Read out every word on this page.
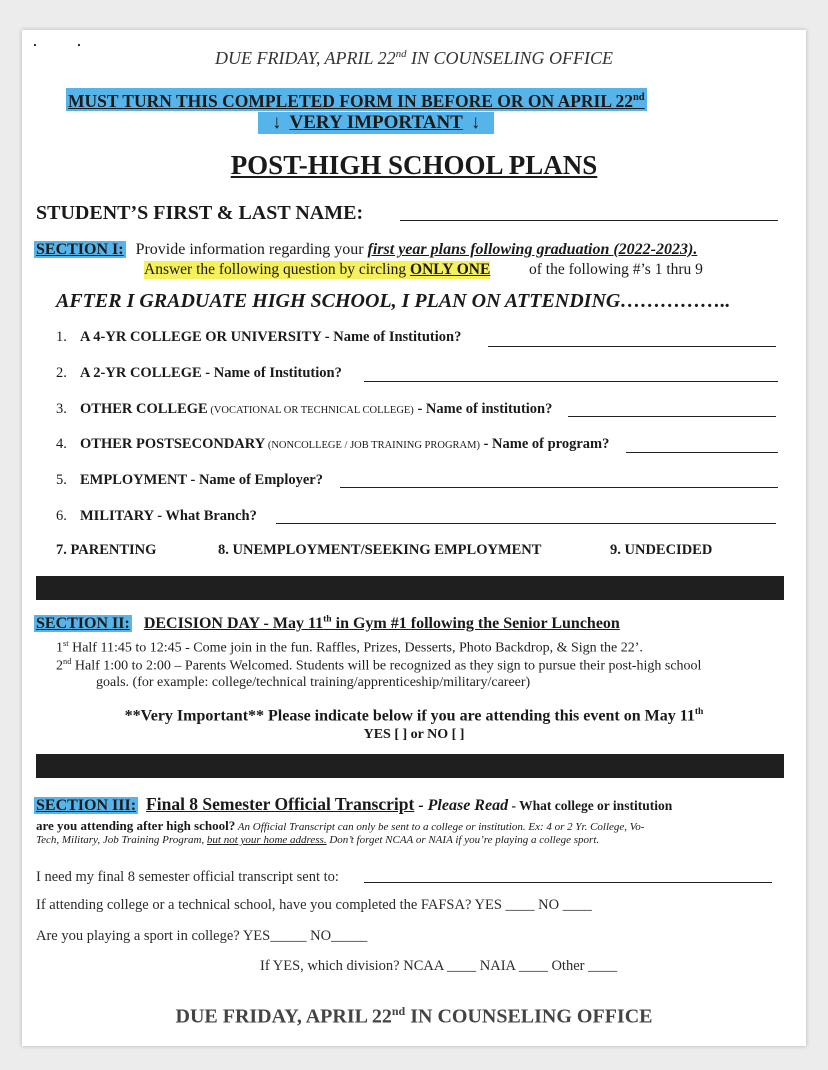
DUE FRIDAY, APRIL 22nd IN COUNSELING OFFICE
MUST TURN THIS COMPLETED FORM IN BEFORE OR ON APRIL 22nd
↓ VERY IMPORTANT ↓
POST-HIGH SCHOOL PLANS
STUDENT’S FIRST & LAST NAME:
SECTION I: Provide information regarding your first year plans following graduation (2022-2023).
Answer the following question by circling ONLY ONE of the following #’s 1 thru 9
AFTER I GRADUATE HIGH SCHOOL, I PLAN ON ATTENDING……………..
1. A 4-YR COLLEGE OR UNIVERSITY - Name of Institution?
2. A 2-YR COLLEGE - Name of Institution?
3. OTHER COLLEGE (VOCATIONAL OR TECHNICAL COLLEGE) - Name of institution?
4. OTHER POSTSECONDARY (NONCOLLEGE / JOB TRAINING PROGRAM) - Name of program?
5. EMPLOYMENT - Name of Employer?
6. MILITARY - What Branch?
7. PARENTING	8. UNEMPLOYMENT/SEEKING EMPLOYMENT	9. UNDECIDED
SECTION II: DECISION DAY - May 11th in Gym #1 following the Senior Luncheon
1st Half 11:45 to 12:45 - Come join in the fun. Raffles, Prizes, Desserts, Photo Backdrop, & Sign the 22’.
2nd Half 1:00 to 2:00 – Parents Welcomed. Students will be recognized as they sign to pursue their post-high school
goals. (for example: college/technical training/apprenticeship/military/career)
**Very Important** Please indicate below if you are attending this event on May 11th
YES [ ] or NO [ ]
SECTION III: Final 8 Semester Official Transcript - Please Read - What college or institution
are you attending after high school? An Official Transcript can only be sent to a college or institution. Ex: 4 or 2 Yr. College, Vo-
Tech, Military, Job Training Program, but not your home address. Don’t forget NCAA or NAIA if you’re playing a college sport.
I need my final 8 semester official transcript sent to:
If attending college or a technical school, have you completed the FAFSA? YES ____ NO ____
Are you playing a sport in college? YES_____ NO_____
If YES, which division? NCAA ____ NAIA ____ Other ____
DUE FRIDAY, APRIL 22nd IN COUNSELING OFFICE
